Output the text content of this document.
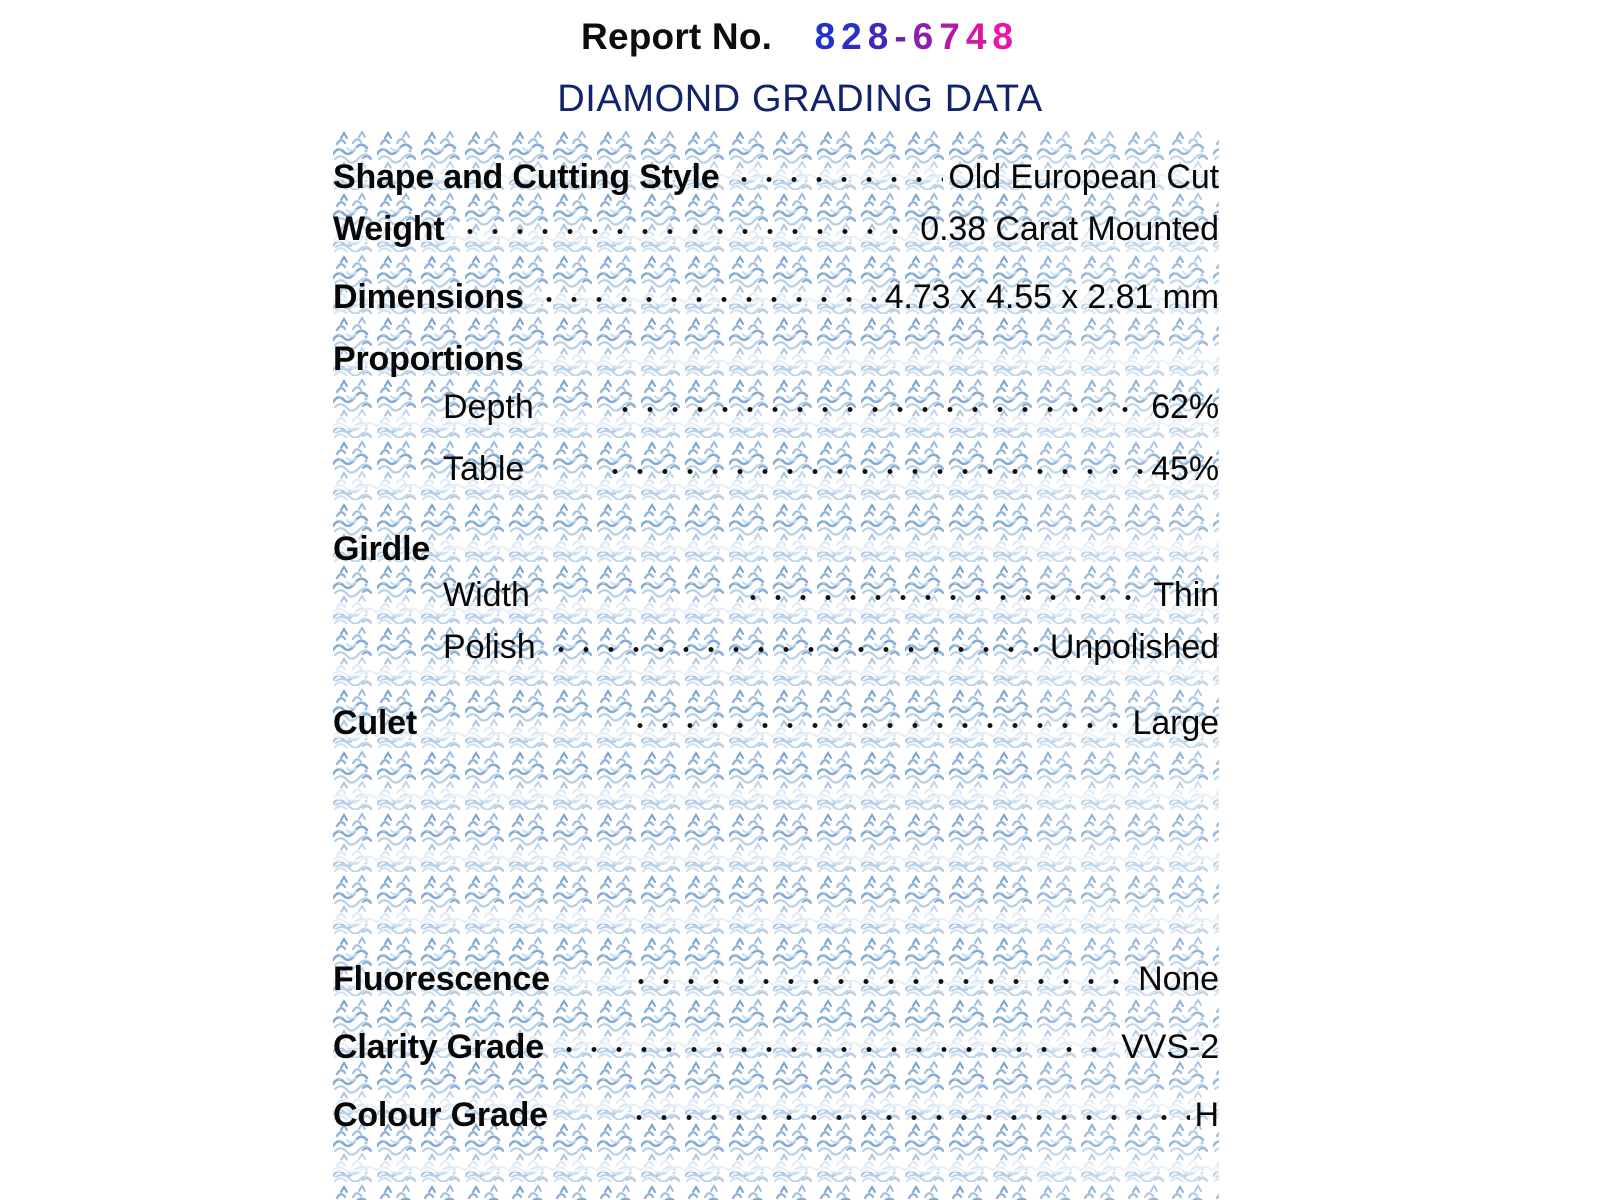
Report No. 828-6748
DIAMOND GRADING DATA
Shape and Cutting Style	Old European Cut
Weight	0.38 Carat Mounted
Dimensions	4.73 x 4.55 x 2.81 mm
Proportions
Depth	62%
Table	45%
Girdle
Width	Thin
Polish	Unpolished
Culet	Large
Fluorescence	None
Clarity Grade	VVS-2
Colour Grade	H
